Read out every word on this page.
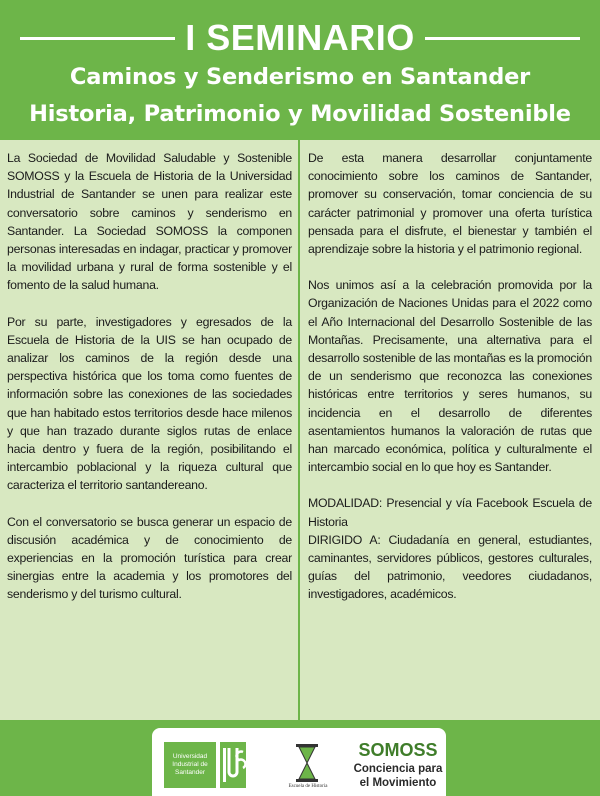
I SEMINARIO
Caminos y Senderismo en Santander
Historia, Patrimonio y Movilidad Sostenible

La Sociedad de Movilidad Saludable y Sostenible SOMOSS y la Escuela de Historia de la Universidad Industrial de Santander se unen para realizar este conversatorio sobre caminos y senderismo en Santander. La Sociedad SOMOSS la componen personas interesadas en indagar, practicar y promover la movilidad urbana y rural de forma sostenible y el fomento de la salud humana.

Por su parte, investigadores y egresados de la Escuela de Historia de la UIS se han ocupado de analizar los caminos de la región desde una perspectiva histórica que los toma como fuentes de información sobre las conexiones de las sociedades que han habitado estos territorios desde hace milenos y que han trazado durante siglos rutas de enlace hacia dentro y fuera de la región, posibilitando el intercambio poblacional y la riqueza cultural que caracteriza el territorio santandereano.

Con el conversatorio se busca generar un espacio de discusión académica y de conocimiento de experiencias en la promoción turística para crear sinergias entre la academia y los promotores del senderismo y del turismo cultural.

De esta manera desarrollar conjuntamente conocimiento sobre los caminos de Santander, promover su conservación, tomar conciencia de su carácter patrimonial y promover una oferta turística pensada para el disfrute, el bienestar y también el aprendizaje sobre la historia y el patrimonio regional.

Nos unimos así a la celebración promovida por la Organización de Naciones Unidas para el 2022 como el Año Internacional del Desarrollo Sostenible de las Montañas. Precisamente, una alternativa para el desarrollo sostenible de las montañas es la promoción de un senderismo que reconozca las conexiones históricas entre territorios y seres humanos, su incidencia en el desarrollo de diferentes asentamientos humanos la valoración de rutas que han marcado económica, política y culturalmente el intercambio social en lo que hoy es Santander.

MODALIDAD: Presencial y vía Facebook Escuela de Historia

DIRIGIDO A: Ciudadanía en general, estudiantes, caminantes, servidores públicos, gestores culturales, guías del patrimonio, veedores ciudadanos, investigadores, académicos.

Universidad Industrial de Santander
Escuela de Historia
SOMOSS
Conciencia para el Movimiento
